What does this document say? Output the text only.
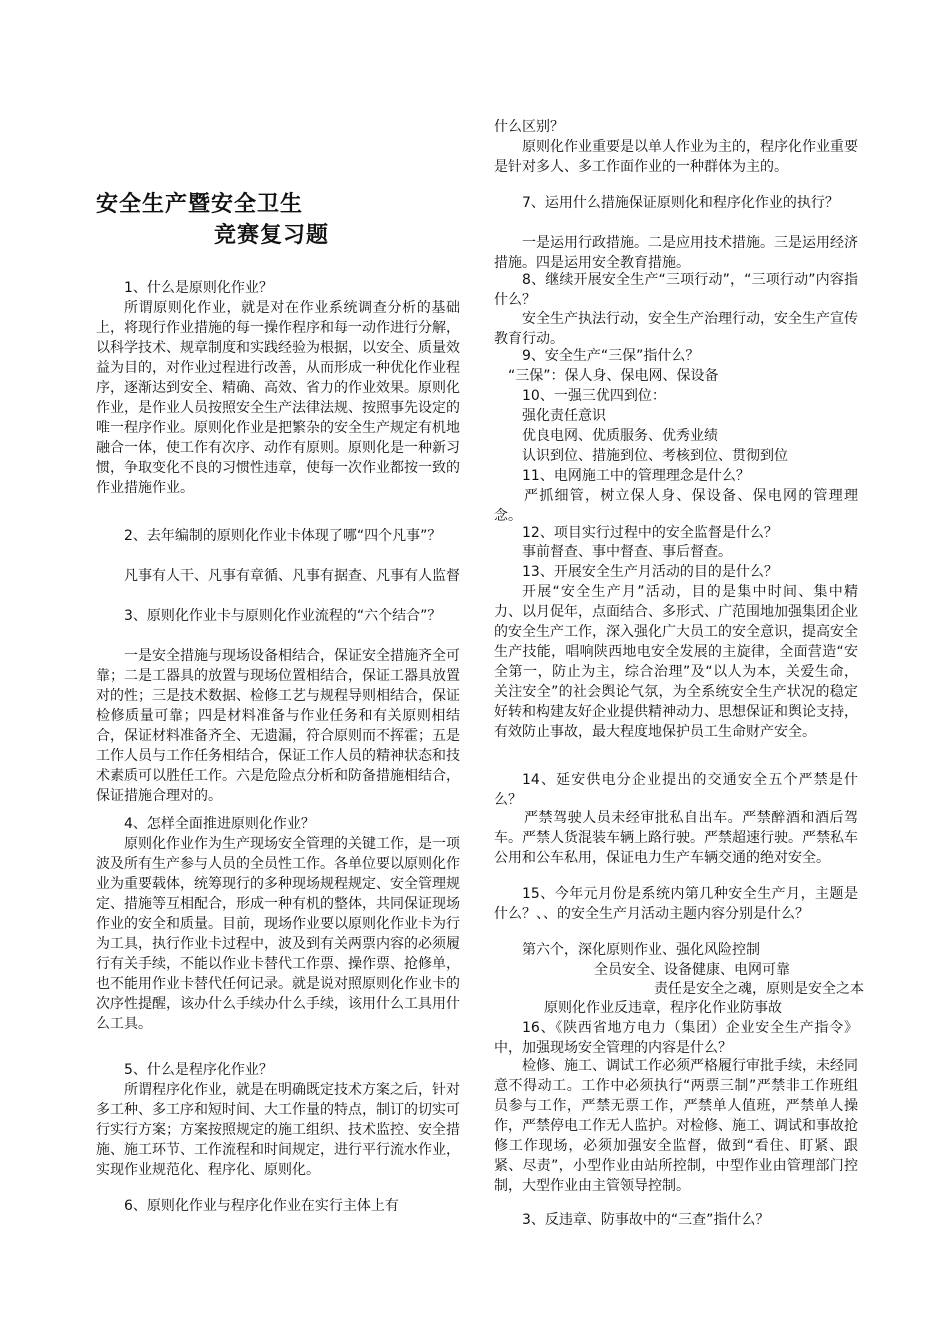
安全生产暨安全卫生
竞赛复习题

1、什么是原则化作业？

所谓原则化作业，就是对在作业系统调查分析的基础上，将现行作业措施的每一操作程序和每一动作进行分解，以科学技术、规章制度和实践经验为根据，以安全、质量效益为目的，对作业过程进行改善，从而形成一种优化作业程序，逐渐达到安全、精确、高效、省力的作业效果。原则化作业，是作业人员按照安全生产法律法规、按照事先设定的唯一程序作业。原则化作业是把繁杂的安全生产规定有机地融合一体，使工作有次序、动作有原则。原则化是一种新习惯，争取变化不良的习惯性违章，使每一次作业都按一致的作业措施作业。

2、去年编制的原则化作业卡体现了哪“四个凡事”？

凡事有人干、凡事有章循、凡事有据查、凡事有人监督

3、原则化作业卡与原则化作业流程的“六个结合”？

一是安全措施与现场设备相结合，保证安全措施齐全可靠；二是工器具的放置与现场位置相结合，保证工器具放置对的性；三是技术数据、检修工艺与规程导则相结合，保证检修质量可靠；四是材料准备与作业任务和有关原则相结合，保证材料准备齐全、无遗漏，符合原则而不挥霍；五是工作人员与工作任务相结合，保证工作人员的精神状态和技术素质可以胜任工作。六是危险点分析和防备措施相结合，保证措施合理对的。

4、怎样全面推进原则化作业？

原则化作业作为生产现场安全管理的关键工作，是一项波及所有生产参与人员的全员性工作。各单位要以原则化作业为重要载体，统筹现行的多种现场规程规定、安全管理规定、措施等互相配合，形成一种有机的整体，共同保证现场作业的安全和质量。目前，现场作业要以原则化作业卡为行为工具，执行作业卡过程中，波及到有关两票内容的必须履行有关手续，不能以作业卡替代工作票、操作票、抢修单，也不能用作业卡替代任何记录。就是说对照原则化作业卡的次序性提醒，该办什么手续办什么手续，该用什么工具用什么工具。

5、什么是程序化作业？

所谓程序化作业，就是在明确既定技术方案之后，针对多工种、多工序和短时间、大工作量的特点，制订的切实可行实行方案；方案按照规定的施工组织、技术监控、安全措施、施工环节、工作流程和时间规定，进行平行流水作业，实现作业规范化、程序化、原则化。

6、原则化作业与程序化作业在实行主体上有

什么区别？

原则化作业重要是以单人作业为主的，程序化作业重要是针对多人、多工作面作业的一种群体为主的。

7、运用什么措施保证原则化和程序化作业的执行？

一是运用行政措施。二是应用技术措施。三是运用经济措施。四是运用安全教育措施。

8、继续开展安全生产“三项行动”，“三项行动”内容指什么？

安全生产执法行动，安全生产治理行动，安全生产宣传教育行动。

9、安全生产“三保”指什么？

“三保”：保人身、保电网、保设备

10、一强三优四到位：

强化责任意识

优良电网、优质服务、优秀业绩

认识到位、措施到位、考核到位、贯彻到位

11、电网施工中的管理理念是什么？

严抓细管，树立保人身、保设备、保电网的管理理念。

12、项目实行过程中的安全监督是什么？

事前督查、事中督查、事后督查。

13、开展安全生产月活动的目的是什么？

开展“安全生产月”活动，目的是集中时间、集中精力、以月促年，点面结合、多形式、广范围地加强集团企业的安全生产工作，深入强化广大员工的安全意识，提高安全生产技能，唱响陕西地电安全发展的主旋律，全面营造“安全第一，防止为主，综合治理”及“以人为本，关爱生命，关注安全”的社会舆论气氛，为全系统安全生产状况的稳定好转和构建友好企业提供精神动力、思想保证和舆论支持，有效防止事故，最大程度地保护员工生命财产安全。

14、延安供电分企业提出的交通安全五个严禁是什么？

严禁驾驶人员未经审批私自出车。严禁醉酒和酒后驾车。严禁人货混装车辆上路行驶。严禁超速行驶。严禁私车公用和公车私用，保证电力生产车辆交通的绝对安全。

15、今年元月份是系统内第几种安全生产月，主题是什么？、、的安全生产月活动主题内容分别是什么？

第六个，深化原则作业、强化风险控制

全员安全、设备健康、电网可靠

责任是安全之魂，原则是安全之本

原则化作业反违章，程序化作业防事故

16、《陕西省地方电力（集团）企业安全生产指令》中，加强现场安全管理的内容是什么？

检修、施工、调试工作必须严格履行审批手续，未经同意不得动工。工作中必须执行“两票三制”严禁非工作班组员参与工作，严禁无票工作，严禁单人值班，严禁单人操作，严禁停电工作无人监护。对检修、施工、调试和事故抢修工作现场，必须加强安全监督，做到“看住、盯紧、跟紧、尽责”，小型作业由站所控制，中型作业由管理部门控制，大型作业由主管领导控制。

3、反违章、防事故中的“三查”指什么？
